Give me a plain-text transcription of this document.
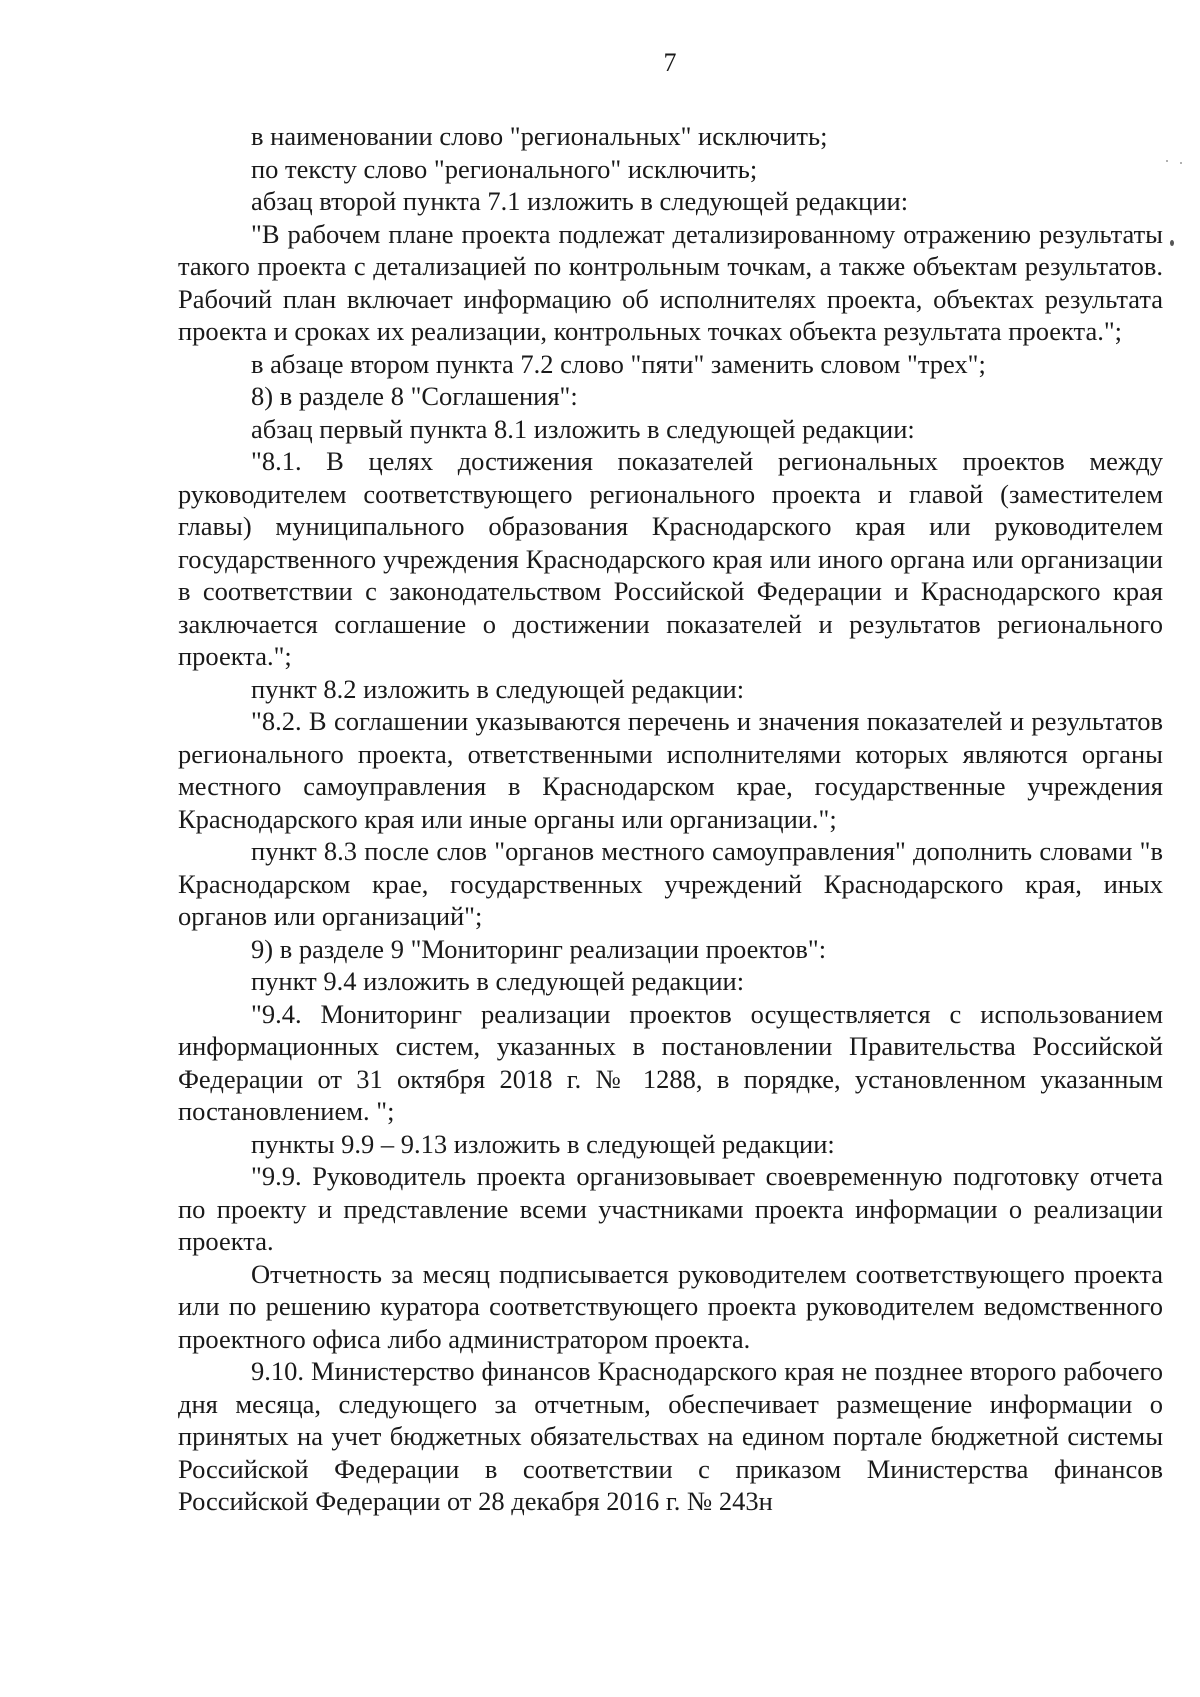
7

в наименовании слово "региональных" исключить;

по тексту слово "регионального" исключить;

абзац второй пункта 7.1 изложить в следующей редакции:

"В рабочем плане проекта подлежат детализированному отражению результаты такого проекта с детализацией по контрольным точкам, а также объектам результатов. Рабочий план включает информацию об исполнителях проекта, объектах результата проекта и сроках их реализации, контрольных точках объекта результата проекта.";

в абзаце втором пункта 7.2 слово "пяти" заменить словом "трех";

8) в разделе 8 "Соглашения":

абзац первый пункта 8.1 изложить в следующей редакции:

"8.1. В целях достижения показателей региональных проектов между руководителем соответствующего регионального проекта и главой (заместителем главы) муниципального образования Краснодарского края или руководителем государственного учреждения Краснодарского края или иного органа или организации в соответствии с законодательством Российской Федерации и Краснодарского края заключается соглашение о достижении показателей и результатов регионального проекта.";

пункт 8.2 изложить в следующей редакции:

"8.2. В соглашении указываются перечень и значения показателей и результатов регионального проекта, ответственными исполнителями которых являются органы местного самоуправления в Краснодарском крае, государственные учреждения Краснодарского края или иные органы или организации.";

пункт 8.3 после слов "органов местного самоуправления" дополнить словами "в Краснодарском крае, государственных учреждений Краснодарского края, иных органов или организаций";

9) в разделе 9 "Мониторинг реализации проектов":

пункт 9.4 изложить в следующей редакции:

"9.4. Мониторинг реализации проектов осуществляется с использованием информационных систем, указанных в постановлении Правительства Российской Федерации от 31 октября 2018 г. № 1288, в порядке, установленном указанным постановлением. ";

пункты 9.9 – 9.13 изложить в следующей редакции:

"9.9. Руководитель проекта организовывает своевременную подготовку отчета по проекту и представление всеми участниками проекта информации о реализации проекта.

Отчетность за месяц подписывается руководителем соответствующего проекта или по решению куратора соответствующего проекта руководителем ведомственного проектного офиса либо администратором проекта.

9.10. Министерство финансов Краснодарского края не позднее второго рабочего дня месяца, следующего за отчетным, обеспечивает размещение информации о принятых на учет бюджетных обязательствах на едином портале бюджетной системы Российской Федерации в соответствии с приказом Министерства финансов Российской Федерации от 28 декабря 2016 г. № 243н
